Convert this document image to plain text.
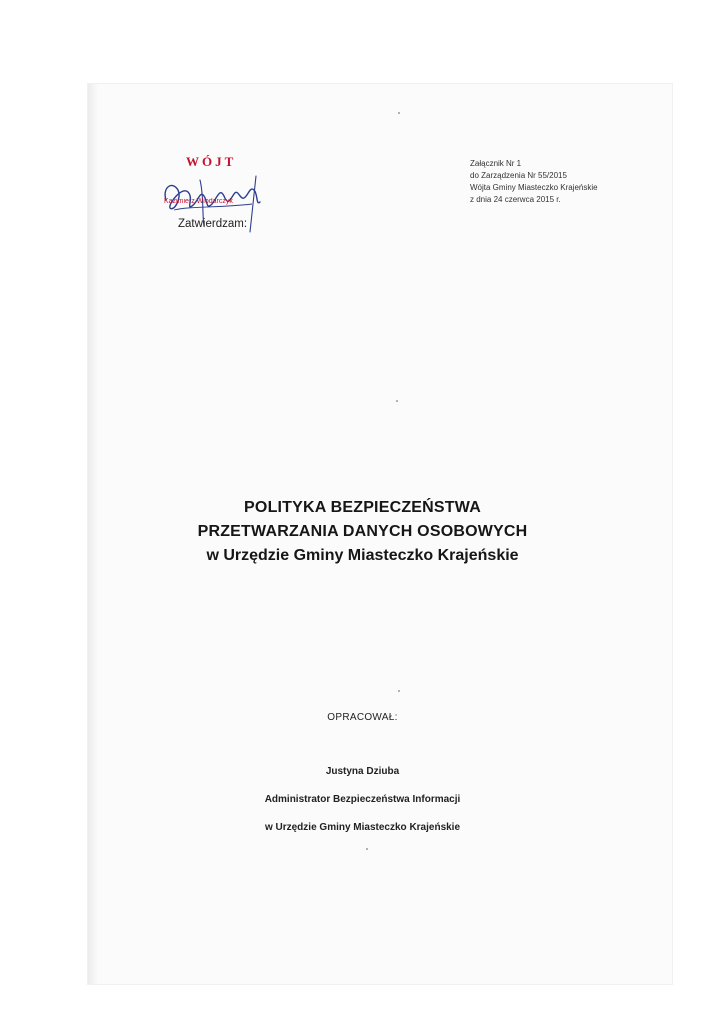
WÓJT
Kazimierz Wiodarczyk
Zatwierdzam:
Załącznik Nr 1
do Zarządzenia Nr 55/2015
Wójta Gminy Miasteczko Krajeńskie
z dnia 24 czerwca 2015 r.
POLITYKA BEZPIECZEŃSTWA
PRZETWARZANIA DANYCH OSOBOWYCH
w Urzędzie Gminy Miasteczko Krajeńskie
OPRACOWAŁ:
Justyna Dziuba
Administrator Bezpieczeństwa Informacji
w Urzędzie Gminy Miasteczko Krajeńskie
